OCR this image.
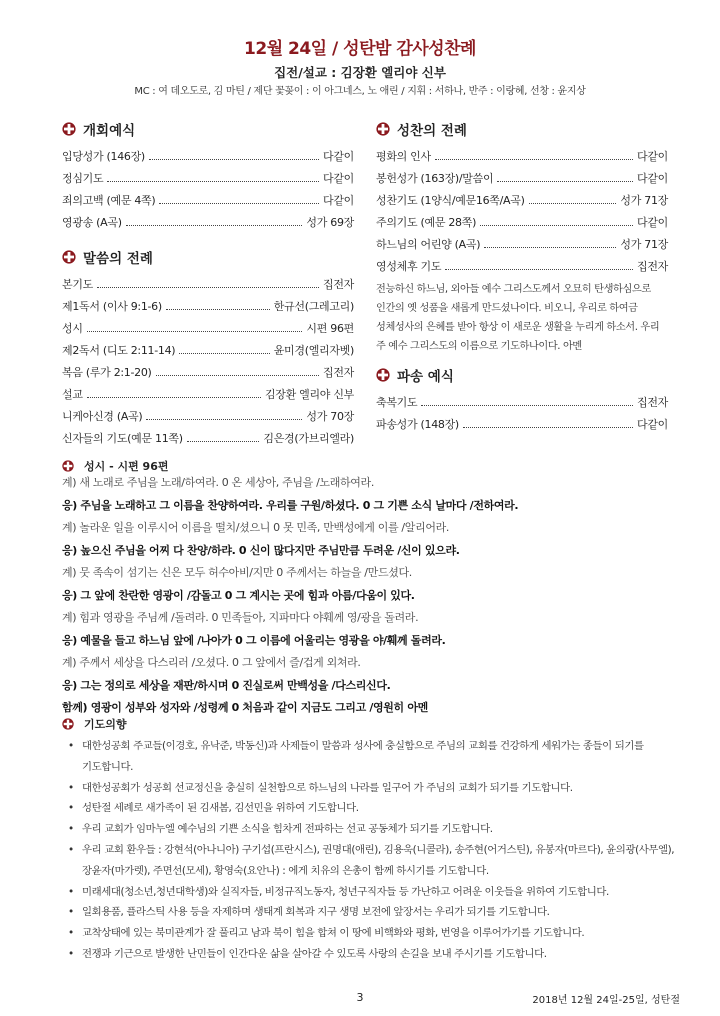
12월 24일 / 성탄밤 감사성찬례
집전/설교 : 김장환 엘리야 신부
MC : 여 데오도로, 김 마틴 / 제단 꽃꽂이 : 이 아그네스, 노 애린 / 지휘 : 서하나, 반주 : 이랑혜, 선창 : 윤지상
개회예식
입당성가 (146장)	다같이
정심기도	다같이
죄의고백 (예문 4쪽)	다같이
영광송 (A곡)	성가 69장
말씀의 전례
본기도	집전자
제1독서 (이사 9:1-6)	한규선(그레고리)
성시	시편 96편
제2독서 (디도 2:11-14)	윤미경(엘리자벳)
복음 (루가 2:1-20)	집전자
설교	김장환 엘리야 신부
니케아신경 (A곡)	성가 70장
신자들의 기도(예문 11쪽)	김은경(가브리엘라)
성찬의 전례
평화의 인사	다같이
봉헌성가 (163장)/말씀이	다같이
성찬기도 (1양식/예문16쪽/A곡)	성가 71장
주의기도 (예문 28쪽)	다같이
하느님의 어린양 (A곡)	성가 71장
영성체후 기도	집전자
전능하신 하느님, 외아들 예수 그리스도께서 오묘히 탄생하심으로 인간의 옛 성품을 새롭게 만드셨나이다. 비오니, 우리로 하여금 성체성사의 은혜를 받아 항상 이 새로운 생활을 누리게 하소서. 우리 주 예수 그리스도의 이름으로 기도하나이다. 아멘
파송 예식
축복기도	집전자
파송성가 (148장)	다같이
성시 - 시편 96편
계) 새 노래로 주님을 노래/하여라. 0 온 세상아, 주님을 /노래하여라.
응) 주님을 노래하고 그 이름을 찬양하여라. 우리를 구원/하셨다. 0 그 기쁜 소식 날마다 /전하여라.
계) 놀라운 일을 이루시어 이름을 떨치/셨으니 0 못 민족, 만백성에게 이를 /알리어라.
응) 높으신 주님을 어찌 다 찬양/하랴. 0 신이 많다지만 주님만큼 두려운 /신이 있으랴.
계) 뭇 족속이 섬기는 신은 모두 허수아비/지만 0 주께서는 하늘을 /만드셨다.
응) 그 앞에 찬란한 영광이 /감돌고 0 그 계시는 곳에 힘과 아름/다움이 있다.
계) 힘과 영광을 주님께 /돌려라. 0 민족들아, 지파마다 야훼께 영/광을 돌려라.
응) 예물을 들고 하느님 앞에 /나아가 0 그 이름에 어울리는 영광을 야/훼께 돌려라.
계) 주께서 세상을 다스리러 /오셨다. 0 그 앞에서 즐/겁게 외쳐라.
응) 그는 정의로 세상을 재판/하시며 0 진실로써 만백성을 /다스리신다.
함께) 영광이 성부와 성자와 /성령께 0 처음과 같이 지금도 그리고 /영원히 아멘
기도의향
• 대한성공회 주교들(이경호, 유낙준, 박동신)과 사제들이 말씀과 성사에 충실함으로 주님의 교회를 건강하게 세워가는 종들이 되기를 기도합니다.
• 대한성공회가 성공회 선교정신을 충실히 실천함으로 하느님의 나라를 일구어 가 주님의 교회가 되기를 기도합니다.
• 성탄절 세례로 새가족이 된 김새봄, 김선민을 위하여 기도합니다.
• 우리 교회가 임마누엘 예수님의 기쁜 소식을 힘차게 전파하는 선교 공동체가 되기를 기도합니다.
• 우리 교회 환우들 : 강현석(아나니아) 구기섭(프란시스), 권명대(애린), 김용욱(니콜라), 송주현(어거스틴), 유봉자(마르다), 윤의광(사무엘), 장윤자(마가렛), 주면선(모세), 황영숙(요안나) : 에게 치유의 은총이 함께 하시기를 기도합니다.
• 미래세대(청소년,청년대학생)와 실직자들, 비정규직노동자, 청년구직자들 등 가난하고 어려운 이웃들을 위하여 기도합니다.
• 일회용품, 플라스틱 사용 등을 자제하며 생태계 회복과 지구 생명 보전에 앞장서는 우리가 되기를 기도합니다.
• 교착상태에 있는 북미관계가 잘 풀리고 남과 북이 힘을 합쳐 이 땅에 비핵화와 평화, 번영을 이루어가기를 기도합니다.
• 전쟁과 기근으로 발생한 난민들이 인간다운 삶을 살아갈 수 있도록 사랑의 손길을 보내 주시기를 기도합니다.
3	2018년 12월 24일-25일, 성탄절
